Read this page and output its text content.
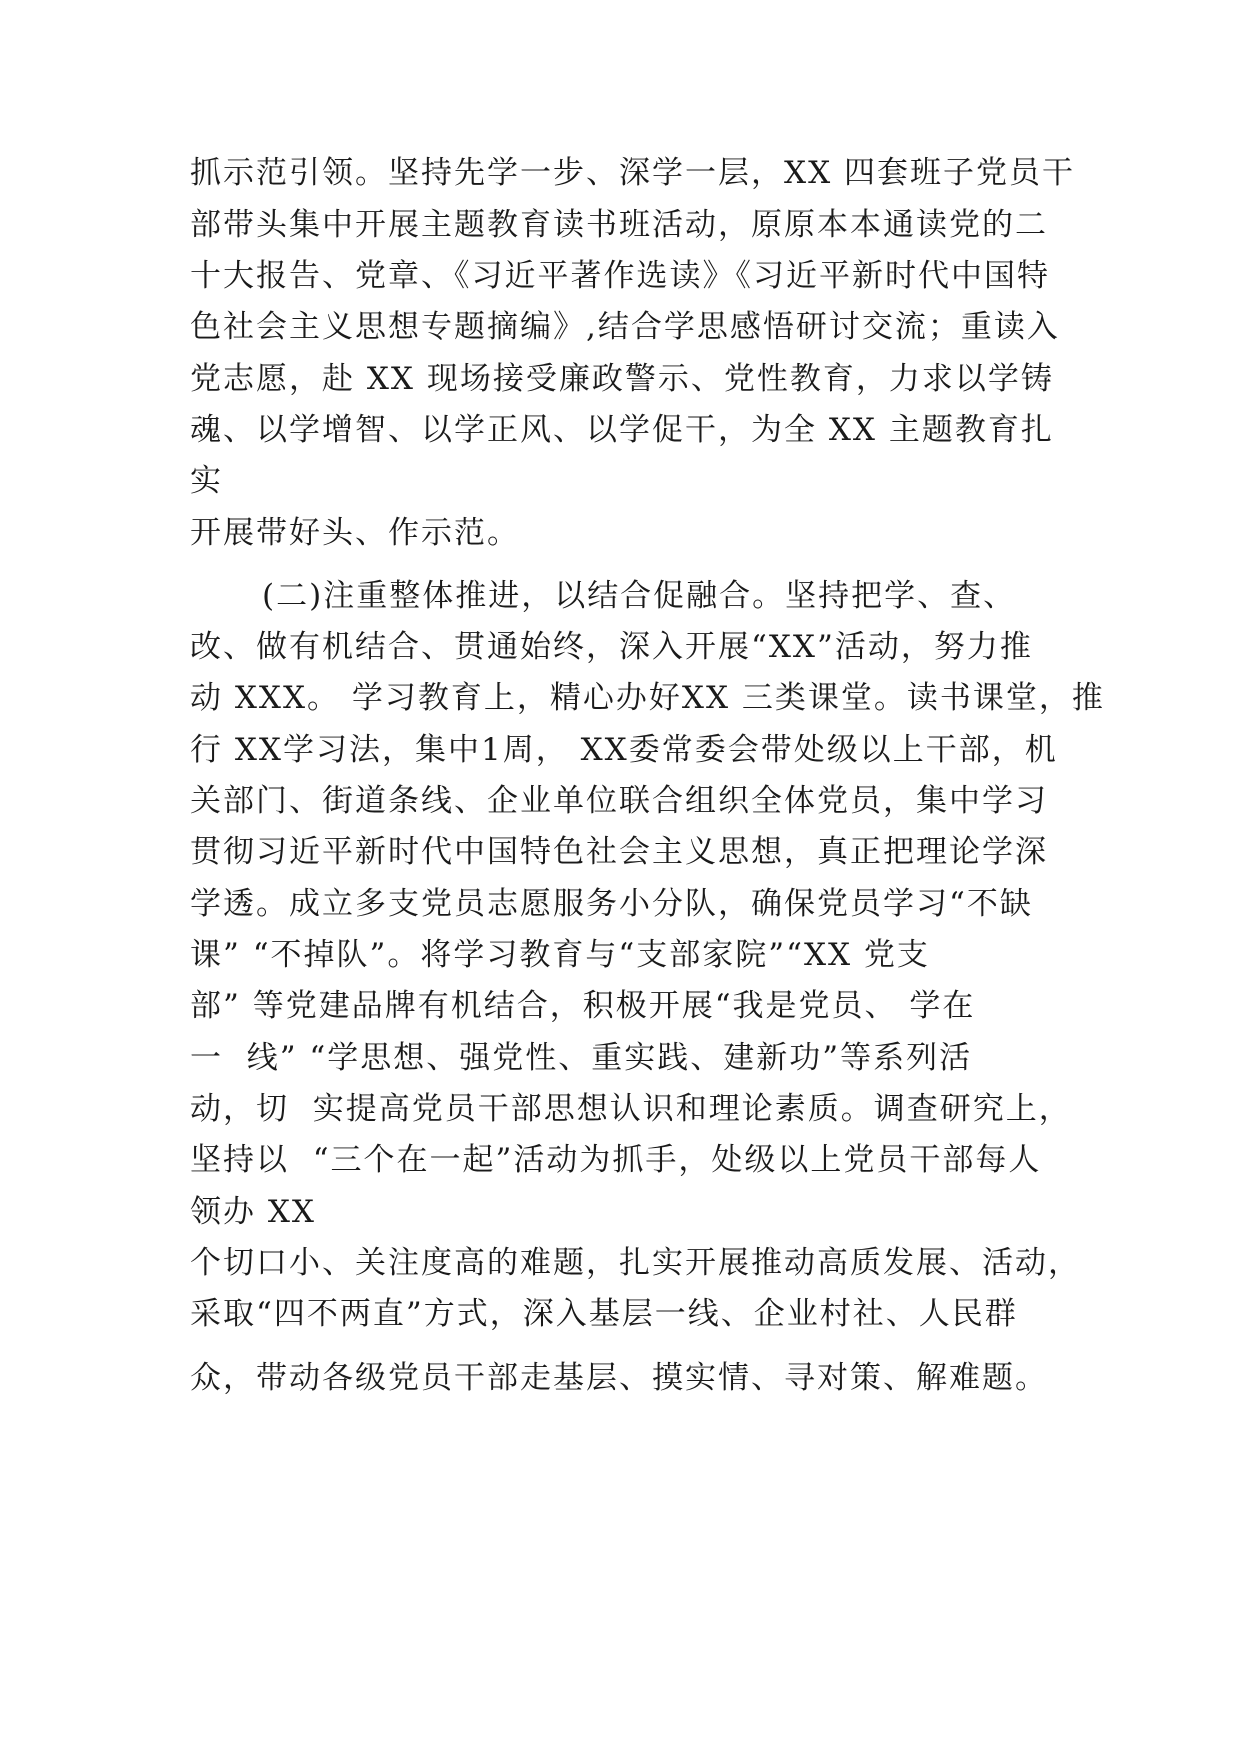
抓示范引领。坚持先学一步、深学一层，XX 四套班子党员干

部带头集中开展主题教育读书班活动，原原本本通读党的二

十大报告、党章、《习近平著作选读》《习近平新时代中国特

色社会主义思想专题摘编》,结合学思感悟研讨交流；重读入

党志愿，赴 XX 现场接受廉政警示、党性教育，力求以学铸

魂、以学增智、以学正风、以学促干，为全 XX 主题教育扎

实

开展带好头、作示范。

(二)注重整体推进，以结合促融合。坚持把学、查、

改、做有机结合、贯通始终，深入开展“XX”活动，努力推

动 XXX。 学习教育上，精心办好XX 三类课堂。读书课堂，推

行 XX学习法，集中1周， XX委常委会带处级以上干部，机

关部门、街道条线、企业单位联合组织全体党员，集中学习

贯彻习近平新时代中国特色社会主义思想，真正把理论学深

学透。成立多支党员志愿服务小分队，确保党员学习“不缺

课” “不掉队”。将学习教育与“支部家院”“XX 党支

部” 等党建品牌有机结合，积极开展“我是党员、 学在

一  线” “学思想、强党性、重实践、建新功”等系列活

动，切  实提高党员干部思想认识和理论素质。调查研究上，

坚持以  “三个在一起”活动为抓手，处级以上党员干部每人

领办 XX

个切口小、关注度高的难题，扎实开展推动高质发展、活动，

采取“四不两直”方式，深入基层一线、企业村社、人民群

众，带动各级党员干部走基层、摸实情、寻对策、解难题。
